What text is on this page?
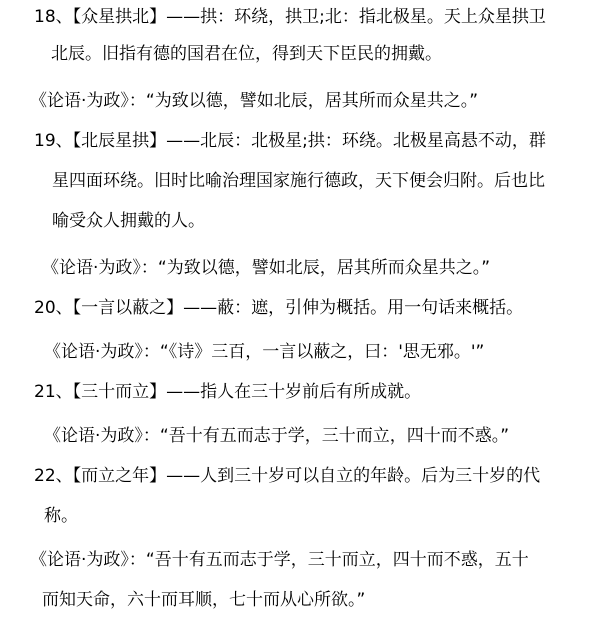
18、【众星拱北】——拱：环绕，拱卫;北：指北极星。天上众星拱卫
北辰。旧指有德的国君在位，得到天下臣民的拥戴。
《论语·为政》：“为致以德，譬如北辰，居其所而众星共之。”
19、【北辰星拱】——北辰：北极星;拱：环绕。北极星高悬不动，群
星四面环绕。旧时比喻治理国家施行德政，天下便会归附。后也比
喻受众人拥戴的人。
《论语·为政》：“为致以德，譬如北辰，居其所而众星共之。”
20、【一言以蔽之】——蔽：遮，引伸为概括。用一句话来概括。
《论语·为政》：“《诗》三百，一言以蔽之，曰：'思无邪。'”
21、【三十而立】——指人在三十岁前后有所成就。
《论语·为政》：“吾十有五而志于学，三十而立，四十而不惑。”
22、【而立之年】——人到三十岁可以自立的年龄。后为三十岁的代
称。
《论语·为政》：“吾十有五而志于学，三十而立，四十而不惑，五十
而知天命，六十而耳顺，七十而从心所欲。”
